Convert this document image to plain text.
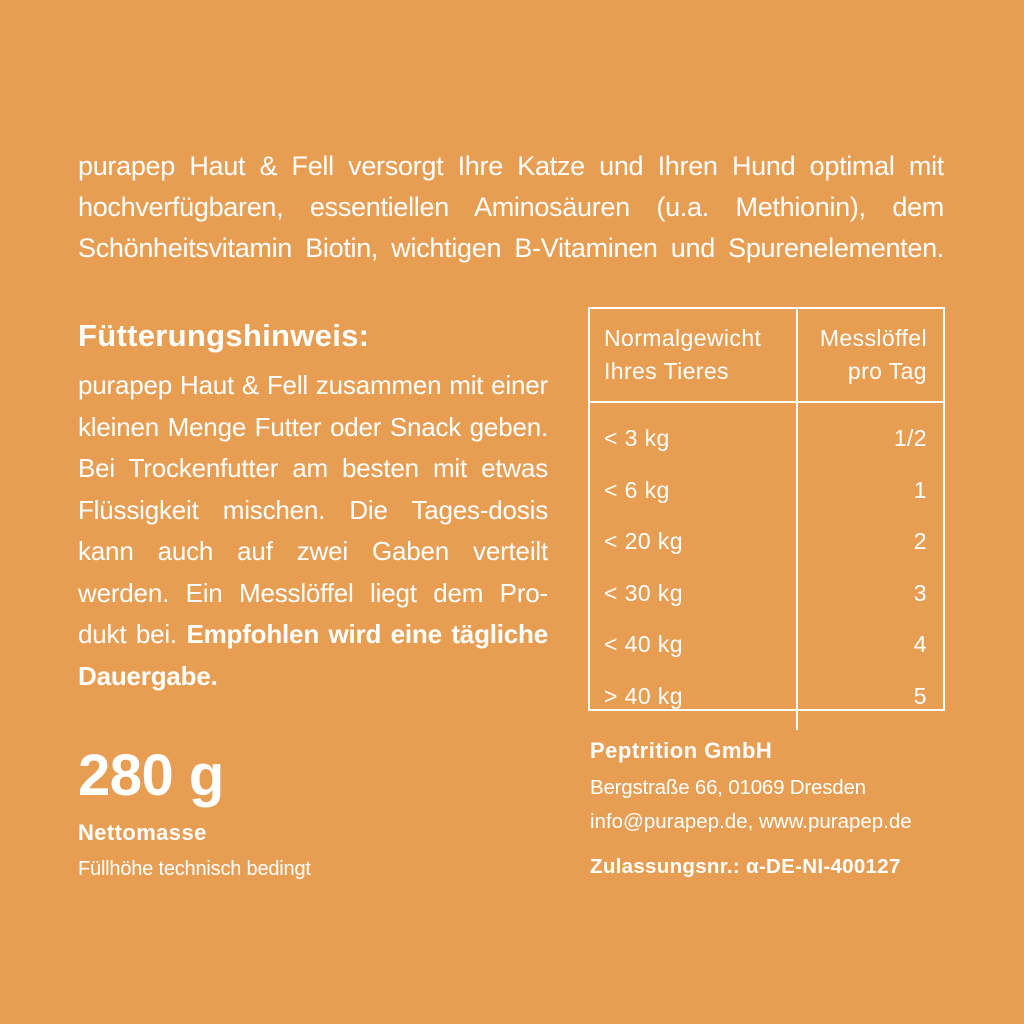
purapep Haut & Fell versorgt Ihre Katze und Ihren Hund optimal mit

hochverfügbaren, essentiellen Aminosäuren (u.a. Methionin), dem

Schönheitsvitamin Biotin, wichtigen B-Vitaminen und Spurenelementen.

Fütterungshinweis:
purapep Haut & Fell zusammen mit einer kleinen Menge Futter oder Snack geben. Bei Trockenfutter am besten mit etwas Flüssigkeit mischen. Die Tages-dosis kann auch auf zwei Gaben verteilt werden. Ein Messlöffel liegt dem Pro-dukt bei. Empfohlen wird eine tägliche Dauergabe.
Normalgewicht Ihres Tieres	Messlöffel pro Tag
< 3 kg	1/2
< 6 kg	1
< 20 kg	2
< 30 kg	3
< 40 kg	4
> 40 kg	5
280 g
Nettomasse
Füllhöhe technisch bedingt
Peptrition GmbH
Bergstraße 66, 01069 Dresden
info@purapep.de, www.purapep.de
Zulassungsnr.: α-DE-NI-400127
